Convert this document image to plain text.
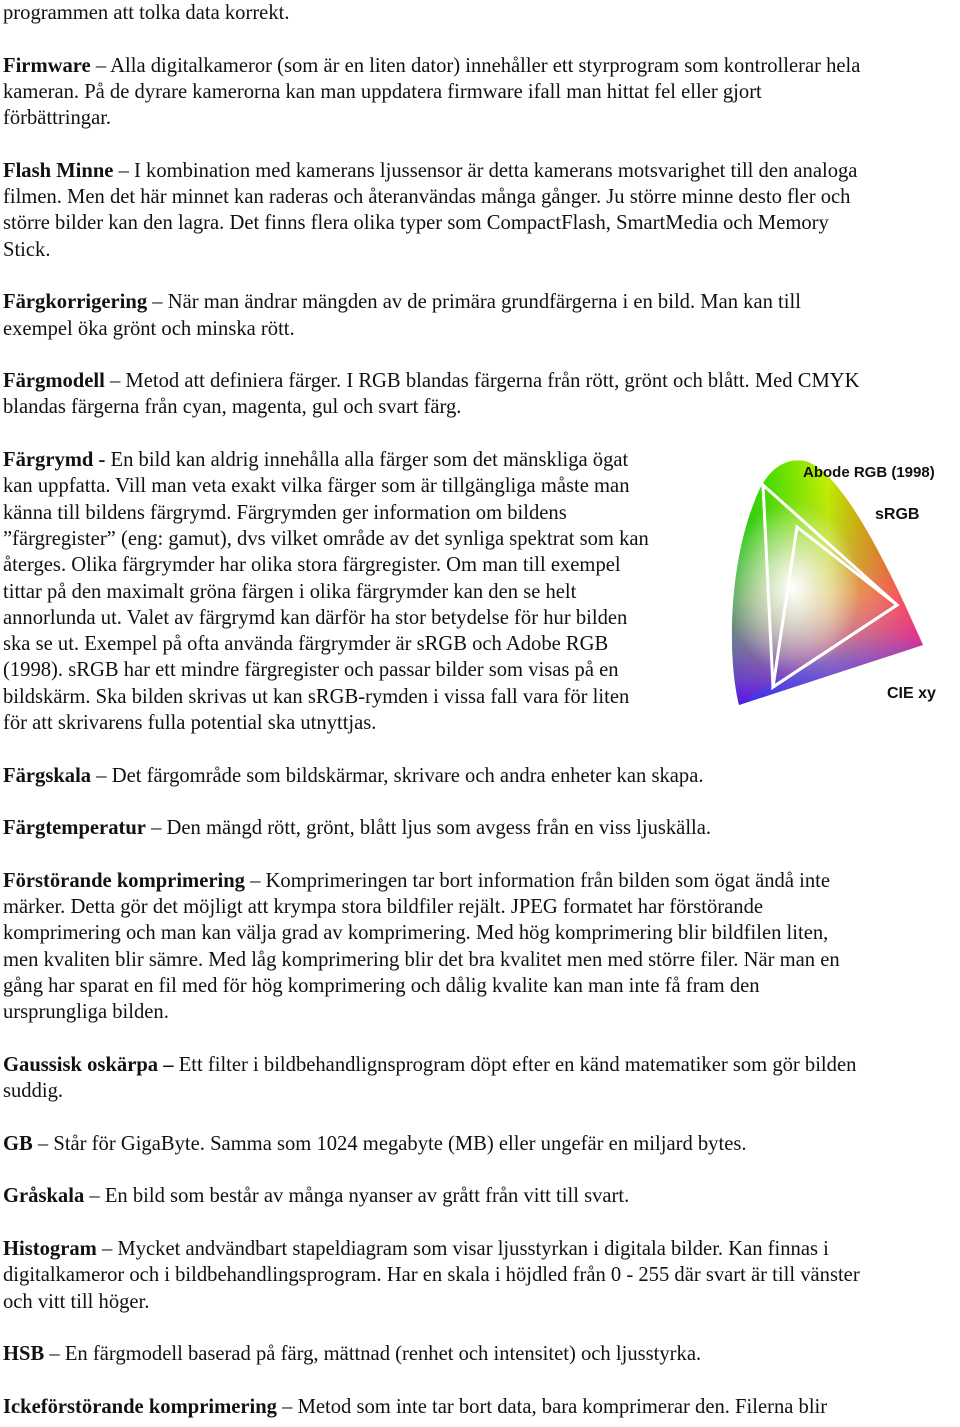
programmen att tolka data korrekt.

Firmware – Alla digitalkameror (som är en liten dator) innehåller ett styrprogram som kontrollerar hela

kameran. På de dyrare kamerorna kan man uppdatera firmware ifall man hittat fel eller gjort

förbättringar.

Flash Minne – I kombination med kamerans ljussensor är detta kamerans motsvarighet till den analoga

filmen. Men det här minnet kan raderas och återanvändas många gånger. Ju större minne desto fler och

större bilder kan den lagra. Det finns flera olika typer som CompactFlash, SmartMedia och Memory

Stick.

Färgkorrigering – När man ändrar mängden av de primära grundfärgerna i en bild. Man kan till

exempel öka grönt och minska rött.

Färgmodell – Metod att definiera färger. I RGB blandas färgerna från rött, grönt och blått. Med CMYK

blandas färgerna från cyan, magenta, gul och svart färg.

Färgrymd - En bild kan aldrig innehålla alla färger som det mänskliga ögat

kan uppfatta. Vill man veta exakt vilka färger som är tillgängliga måste man

känna till bildens färgrymd. Färgrymden ger information om bildens

”färgregister” (eng: gamut), dvs vilket område av det synliga spektrat som kan

återges. Olika färgrymder har olika stora färgregister. Om man till exempel

tittar på den maximalt gröna färgen i olika färgrymder kan den se helt

annorlunda ut. Valet av färgrymd kan därför ha stor betydelse för hur bilden

ska se ut. Exempel på ofta använda färgrymder är sRGB och Adobe RGB

(1998). sRGB har ett mindre färgregister och passar bilder som visas på en

bildskärm. Ska bilden skrivas ut kan sRGB-rymden i vissa fall vara för liten

för att skrivarens fulla potential ska utnyttjas.

Färgskala – Det färgområde som bildskärmar, skrivare och andra enheter kan skapa.

Färgtemperatur – Den mängd rött, grönt, blått ljus som avgess från en viss ljuskälla.

Förstörande komprimering – Komprimeringen tar bort information från bilden som ögat ändå inte

märker. Detta gör det möjligt att krympa stora bildfiler rejält. JPEG formatet har förstörande

komprimering och man kan välja grad av komprimering. Med hög komprimering blir bildfilen liten,

men kvaliten blir sämre. Med låg komprimering blir det bra kvalitet men med större filer. När man en

gång har sparat en fil med för hög komprimering och dålig kvalite kan man inte få fram den

ursprungliga bilden.

Gaussisk oskärpa – Ett filter i bildbehandlignsprogram döpt efter en känd matematiker som gör bilden

suddig.

GB – Står för GigaByte. Samma som 1024 megabyte (MB) eller ungefär en miljard bytes.

Gråskala – En bild som består av många nyanser av grått från vitt till svart.

Histogram – Mycket andvändbart stapeldiagram som visar ljusstyrkan i digitala bilder. Kan finnas i

digitalkameror och i bildbehandlingsprogram. Har en skala i höjdled från 0 - 255 där svart är till vänster

och vitt till höger.

HSB – En färgmodell baserad på färg, mättnad (renhet och intensitet) och ljusstyrka.

Ickeförstörande komprimering – Metod som inte tar bort data, bara komprimerar den. Filerna blir

Abode RGB (1998)
sRGB
CIE xy
